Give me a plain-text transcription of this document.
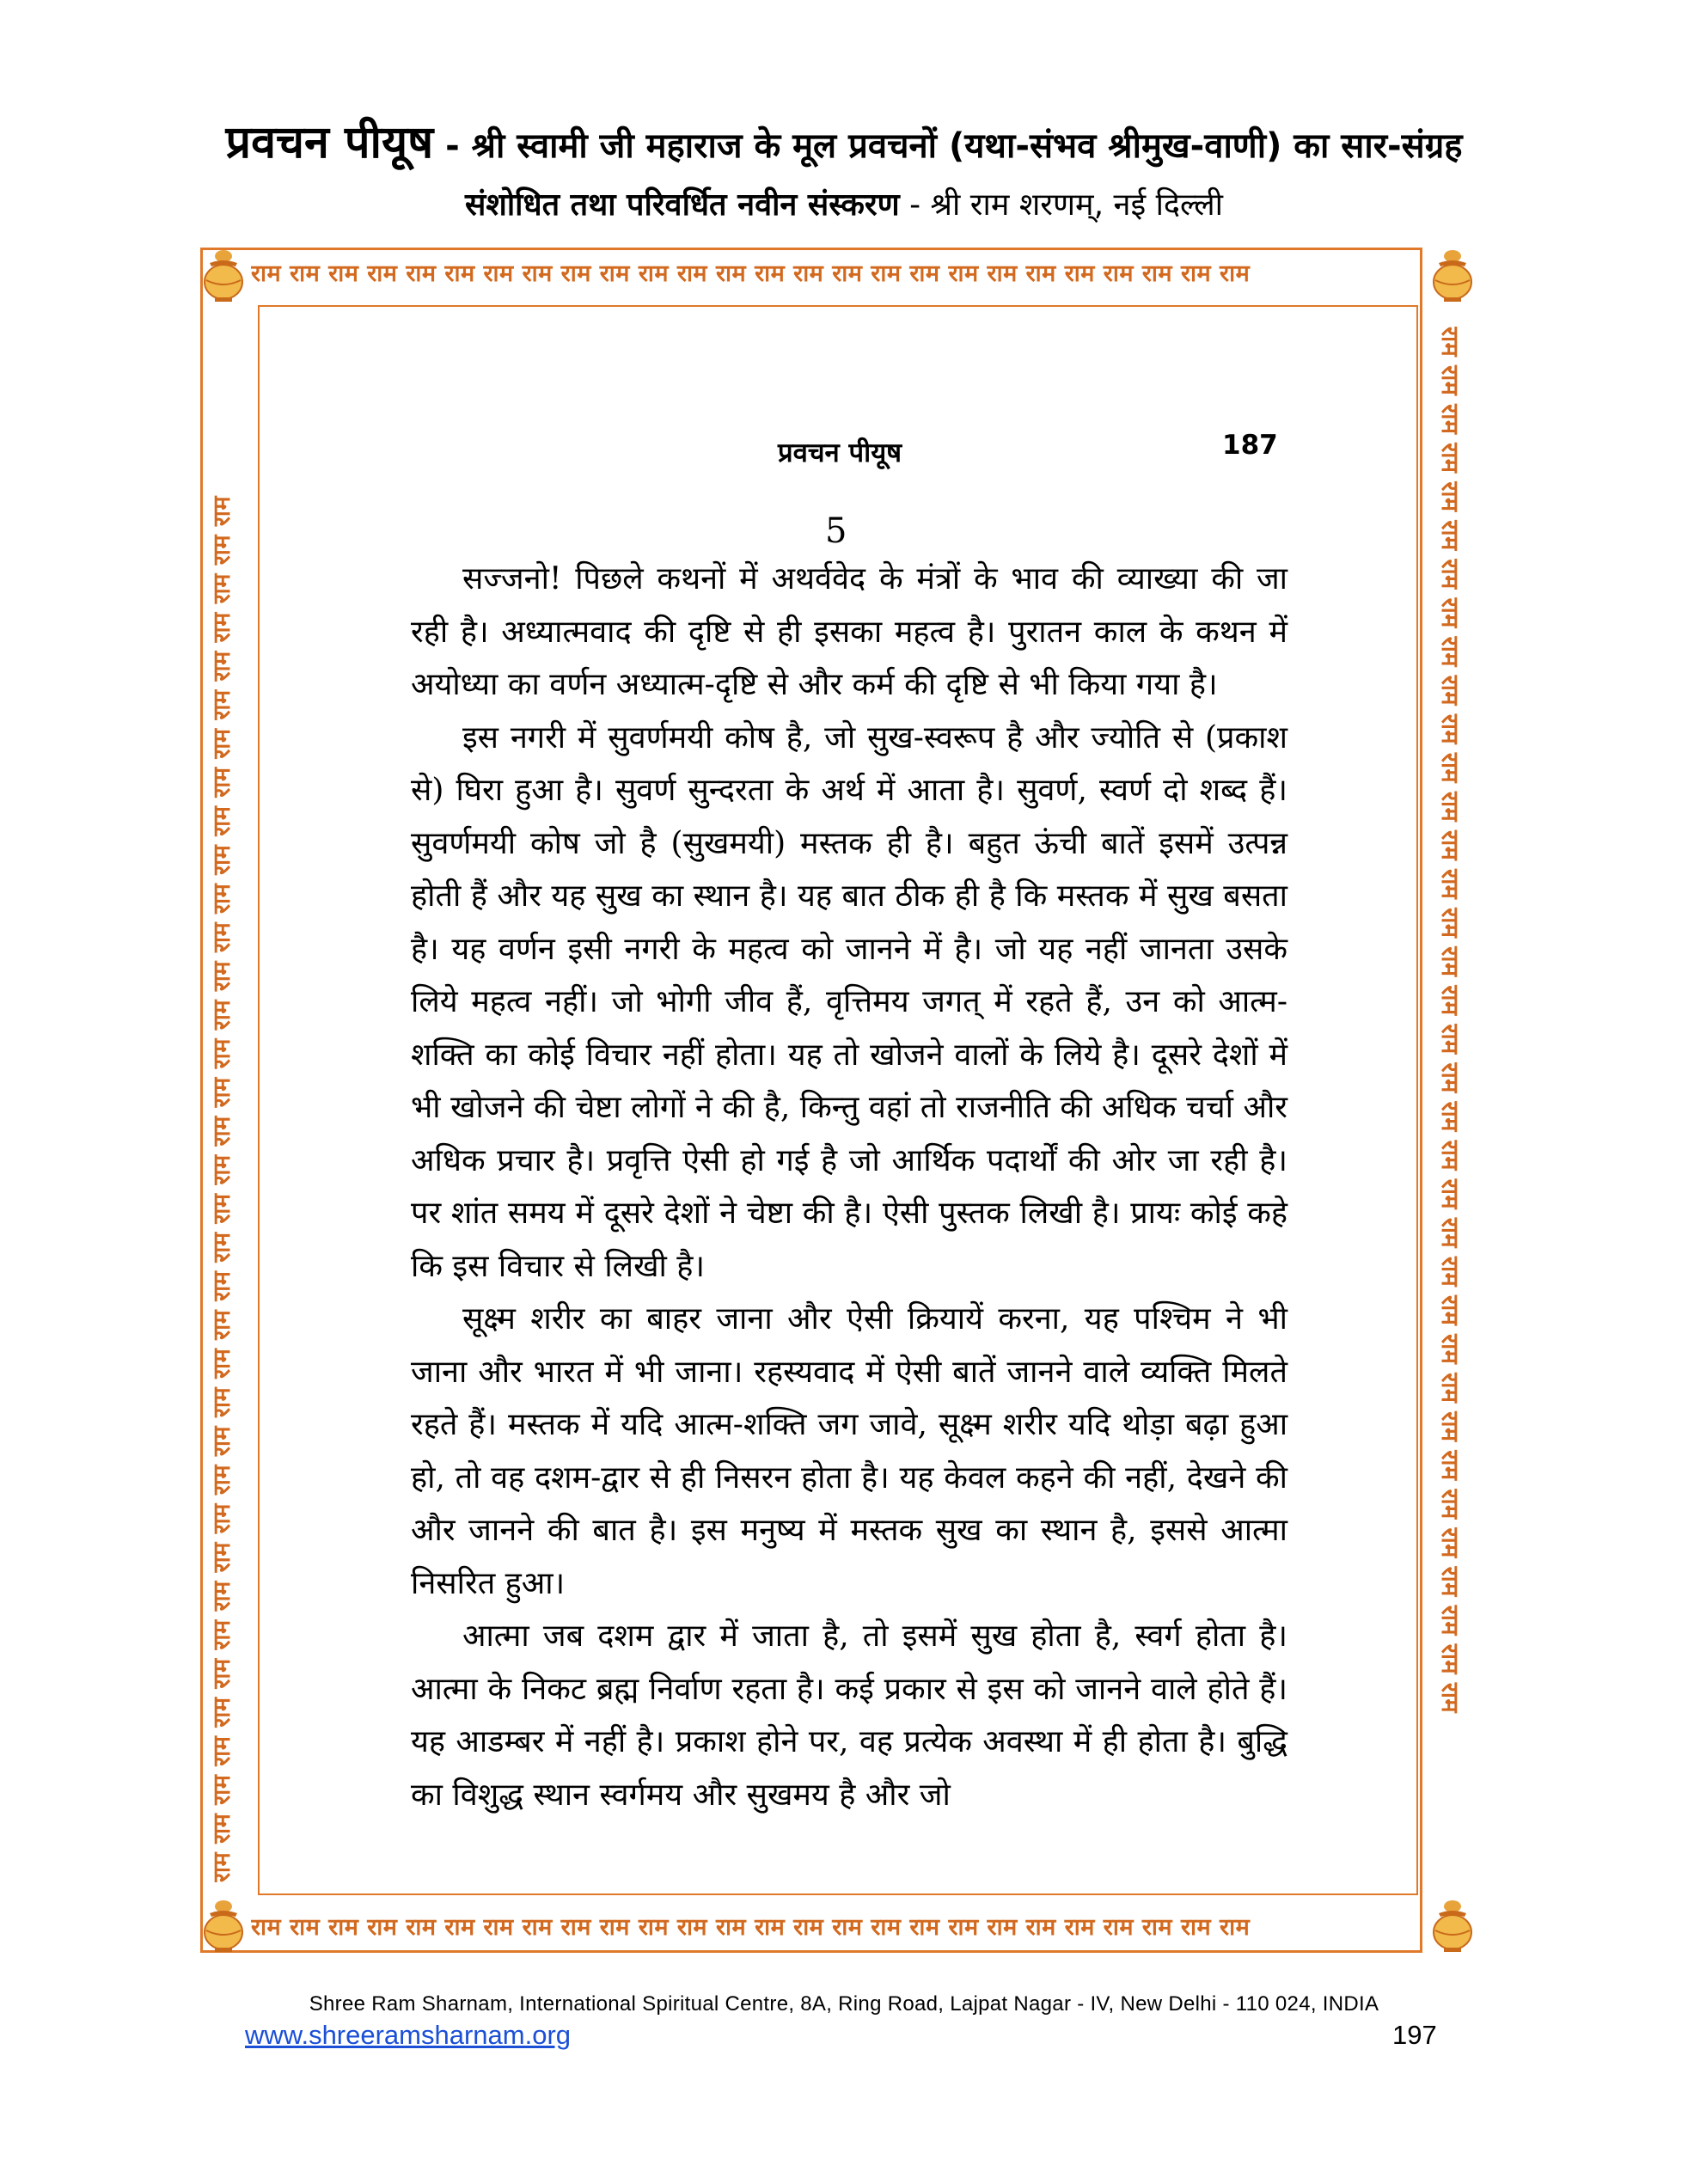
प्रवचन पीयूष - श्री स्वामी जी महाराज के मूल प्रवचनों (यथा-संभव श्रीमुख-वाणी) का सार-संग्रह
संशोधित तथा परिवर्धित नवीन संस्करण - श्री राम शरणम्, नई दिल्ली
राम राम राम राम राम राम राम राम राम राम राम राम राम राम राम राम राम राम राम राम राम राम राम राम राम राम
राम राम राम राम राम राम राम राम राम राम राम राम राम राम राम राम राम राम राम राम राम राम राम राम राम राम
राम राम राम राम राम राम राम राम राम राम राम राम राम राम राम राम राम राम राम राम राम राम राम राम राम राम राम राम राम राम राम राम राम राम राम राम	राम राम राम राम राम राम राम राम राम राम राम राम राम राम राम राम राम राम राम राम राम राम राम राम राम राम राम राम राम राम राम राम राम राम राम राम
प्रवचन पीयूष	187
5

सज्जनो! पिछले कथनों में अथर्ववेद के मंत्रों के भाव की व्याख्या की जा रही है। अध्यात्मवाद की दृष्टि से ही इसका महत्व है। पुरातन काल के कथन में अयोध्या का वर्णन अध्यात्म-दृष्टि से और कर्म की दृष्टि से भी किया गया है।

इस नगरी में सुवर्णमयी कोष है, जो सुख-स्वरूप है और ज्योति से (प्रकाश से) घिरा हुआ है। सुवर्ण सुन्दरता के अर्थ में आता है। सुवर्ण, स्वर्ण दो शब्द हैं। सुवर्णमयी कोष जो है (सुखमयी) मस्तक ही है। बहुत ऊंची बातें इसमें उत्पन्न होती हैं और यह सुख का स्थान है। यह बात ठीक ही है कि मस्तक में सुख बसता है। यह वर्णन इसी नगरी के महत्व को जानने में है। जो यह नहीं जानता उसके लिये महत्व नहीं। जो भोगी जीव हैं, वृत्तिमय जगत् में रहते हैं, उन को आत्म-शक्ति का कोई विचार नहीं होता। यह तो खोजने वालों के लिये है। दूसरे देशों में भी खोजने की चेष्टा लोगों ने की है, किन्तु वहां तो राजनीति की अधिक चर्चा और अधिक प्रचार है। प्रवृत्ति ऐसी हो गई है जो आर्थिक पदार्थों की ओर जा रही है। पर शांत समय में दूसरे देशों ने चेष्टा की है। ऐसी पुस्तक लिखी है। प्रायः कोई कहे कि इस विचार से लिखी है।

सूक्ष्म शरीर का बाहर जाना और ऐसी क्रियायें करना, यह पश्चिम ने भी जाना और भारत में भी जाना। रहस्यवाद में ऐसी बातें जानने वाले व्यक्ति मिलते रहते हैं। मस्तक में यदि आत्म-शक्ति जग जावे, सूक्ष्म शरीर यदि थोड़ा बढ़ा हुआ हो, तो वह दशम-द्वार से ही निसरन होता है। यह केवल कहने की नहीं, देखने की और जानने की बात है। इस मनुष्य में मस्तक सुख का स्थान है, इससे आत्मा निसरित हुआ।

आत्मा जब दशम द्वार में जाता है, तो इसमें सुख होता है, स्वर्ग होता है। आत्मा के निकट ब्रह्म निर्वाण रहता है। कई प्रकार से इस को जानने वाले होते हैं। यह आडम्बर में नहीं है। प्रकाश होने पर, वह प्रत्येक अवस्था में ही होता है। बुद्धि का विशुद्ध स्थान स्वर्गमय और सुखमय है और जो

Shree Ram Sharnam, International Spiritual Centre, 8A, Ring Road, Lajpat Nagar - IV, New Delhi - 110 024, INDIA
www.shreeramsharnam.org	197
